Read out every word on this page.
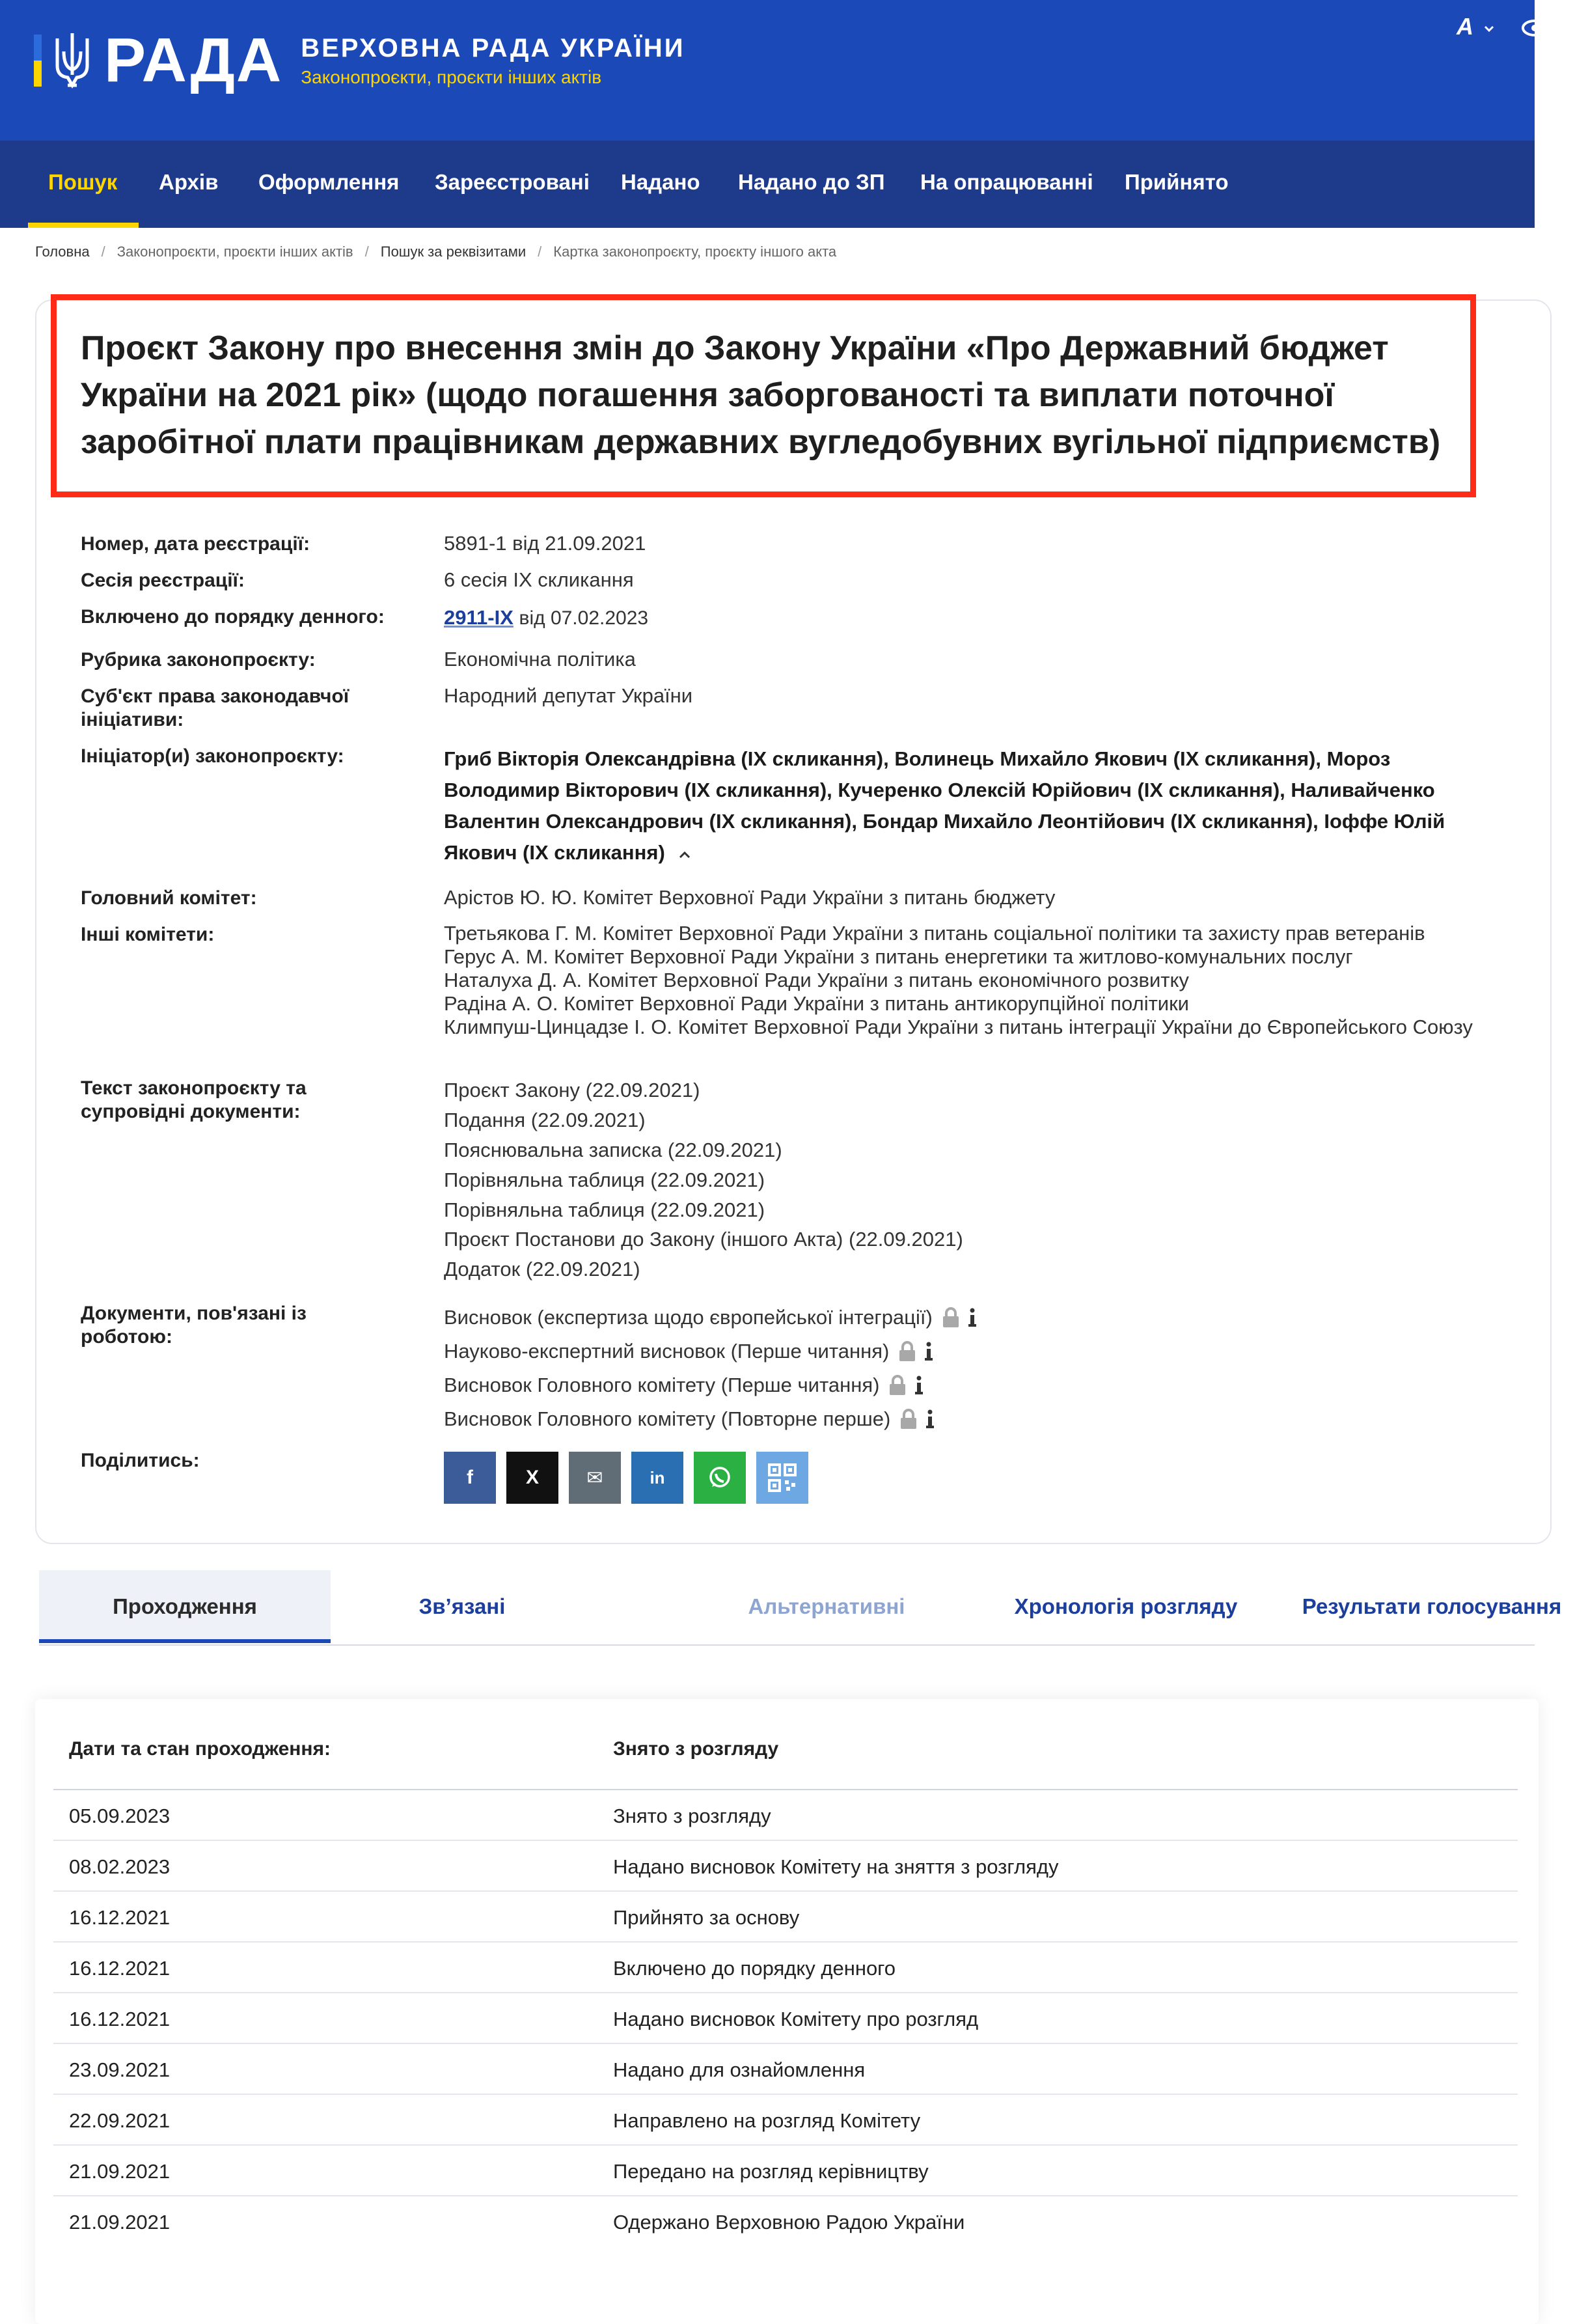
РАДА ВЕРХОВНА РАДА УКРАЇНИ
Законопроєкти, проєкти інших актів
A
Пошук Архів Оформлення Зареєстровані Надано Надано до ЗП На опрацюванні Прийнято
Головна / Законопроєкти, проєкти інших актів / Пошук за реквізитами / Картка законопроєкту, проєкту іншого акта
Проєкт Закону про внесення змін до Закону України «Про Державний бюджет України на 2021 рік» (щодо погашення заборгованості та виплати поточної заробітної плати працівникам державних вугледобувних вугільної підприємств)
Номер, дата реєстрації:	5891-1 від 21.09.2021
Сесія реєстрації:	6 сесія IX скликання
Включено до порядку денного:	2911-IX від 07.02.2023
Рубрика законопроєкту:	Економічна політика
Суб'єкт права законодавчої ініціативи:
Народний депутат України
Ініціатор(и) законопроєкту:	Гриб Вікторія Олександрівна (IX скликання), Волинець Михайло Якович (IX скликання), Мороз Володимир Вікторович (IX скликання), Кучеренко Олексій Юрійович (IX скликання), Наливайченко Валентин Олександрович (IX скликання), Бондар Михайло Леонтійович (IX скликання), Іоффе Юлій Якович (IX скликання)
Головний комітет:	Арістов Ю. Ю. Комітет Верховної Ради України з питань бюджету
Інші комітети:	Третьякова Г. М. Комітет Верховної Ради України з питань соціальної політики та захисту прав ветеранів
Герус А. М. Комітет Верховної Ради України з питань енергетики та житлово-комунальних послуг
Наталуха Д. А. Комітет Верховної Ради України з питань економічного розвитку
Радіна А. О. Комітет Верховної Ради України з питань антикорупційної політики
Климпуш-Цинцадзе І. О. Комітет Верховної Ради України з питань інтеграції України до Європейського Союзу
Текст законопроєкту та супровідні документи:
Проєкт Закону (22.09.2021)
Подання (22.09.2021)
Пояснювальна записка (22.09.2021)
Порівняльна таблиця (22.09.2021)
Порівняльна таблиця (22.09.2021)
Проєкт Постанови до Закону (іншого Акта) (22.09.2021)
Додаток (22.09.2021)
Документи, пов'язані із роботою:
Висновок (експертиза щодо європейської інтеграції)
Науково-експертний висновок (Перше читання)
Висновок Головного комітету (Перше читання)
Висновок Головного комітету (Повторне перше)
Поділитись:
f	X ✉	in
Проходження	Зв’язані	Альтернативні	Хронологія розгляду	Результати голосування
Дати та стан проходження:	Знято з розгляду
05.09.2023	Знято з розгляду
08.02.2023	Надано висновок Комітету на зняття з розгляду
16.12.2021	Прийнято за основу
16.12.2021	Включено до порядку денного
16.12.2021	Надано висновок Комітету про розгляд
23.09.2021	Надано для ознайомлення
22.09.2021	Направлено на розгляд Комітету
21.09.2021	Передано на розгляд керівництву
21.09.2021	Одержано Верховною Радою України
